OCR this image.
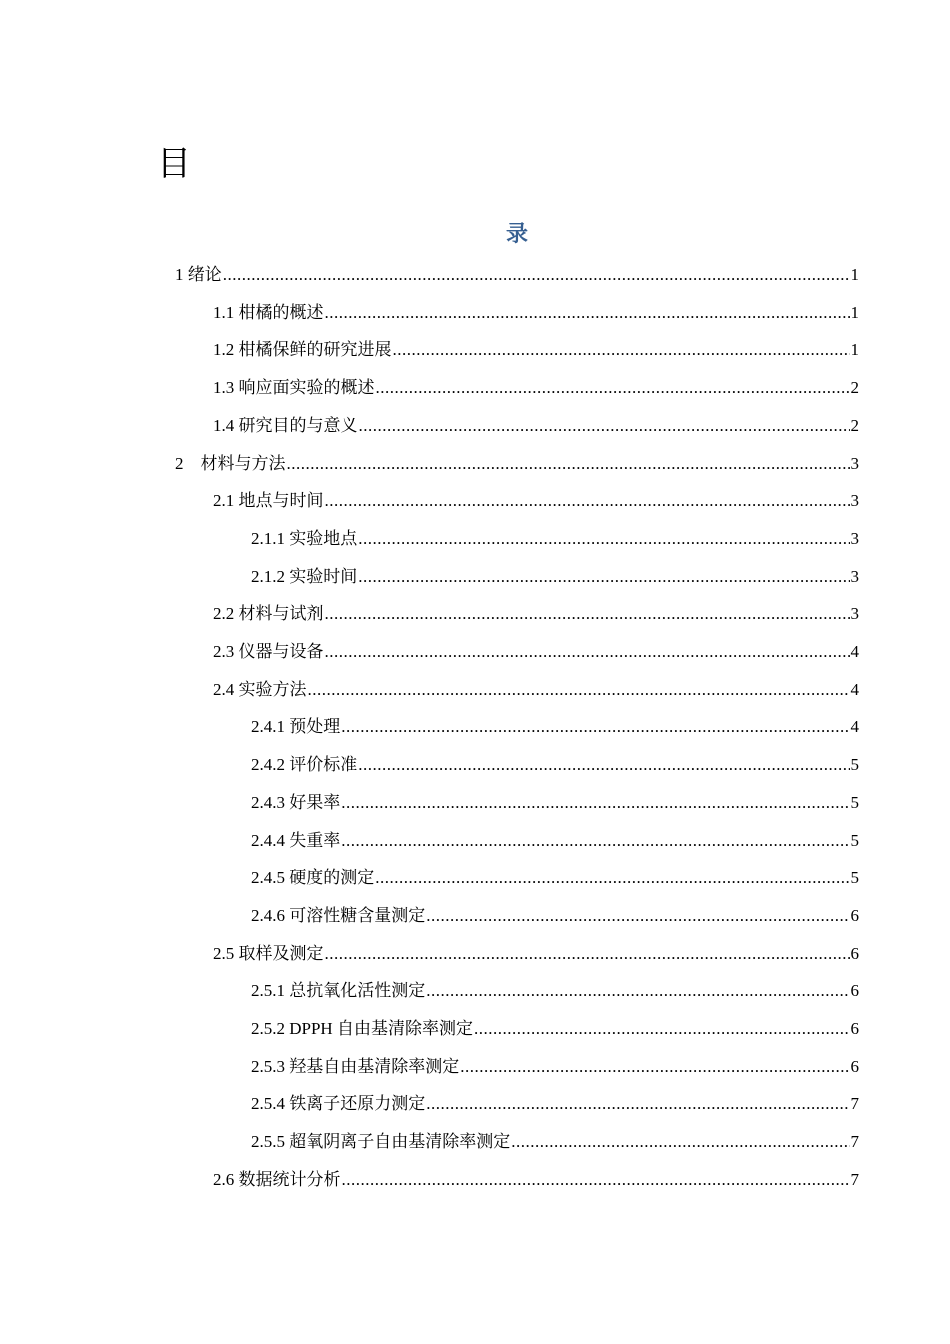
目
录
1 绪论 .....	1
1.1 柑橘的概述 .....	1
1.2 柑橘保鲜的研究进展 .....	1
1.3 响应面实验的概述 .....	2
1.4 研究目的与意义 .....	2
2　材料与方法 .....	3
2.1 地点与时间 .....	3
2.1.1 实验地点 .....	3
2.1.2 实验时间 .....	3
2.2 材料与试剂 .....	3
2.3 仪器与设备 .....	4
2.4 实验方法 .....	4
2.4.1 预处理 .....	4
2.4.2 评价标准 .....	5
2.4.3 好果率 .....	5
2.4.4 失重率 .....	5
2.4.5 硬度的测定 .....	5
2.4.6 可溶性糖含量测定 .....	6
2.5 取样及测定 .....	6
2.5.1 总抗氧化活性测定 .....	6
2.5.2 DPPH 自由基清除率测定 .....	6
2.5.3 羟基自由基清除率测定 .....	6
2.5.4 铁离子还原力测定 .....	7
2.5.5 超氧阴离子自由基清除率测定 .....	7
2.6 数据统计分析 .....	7
